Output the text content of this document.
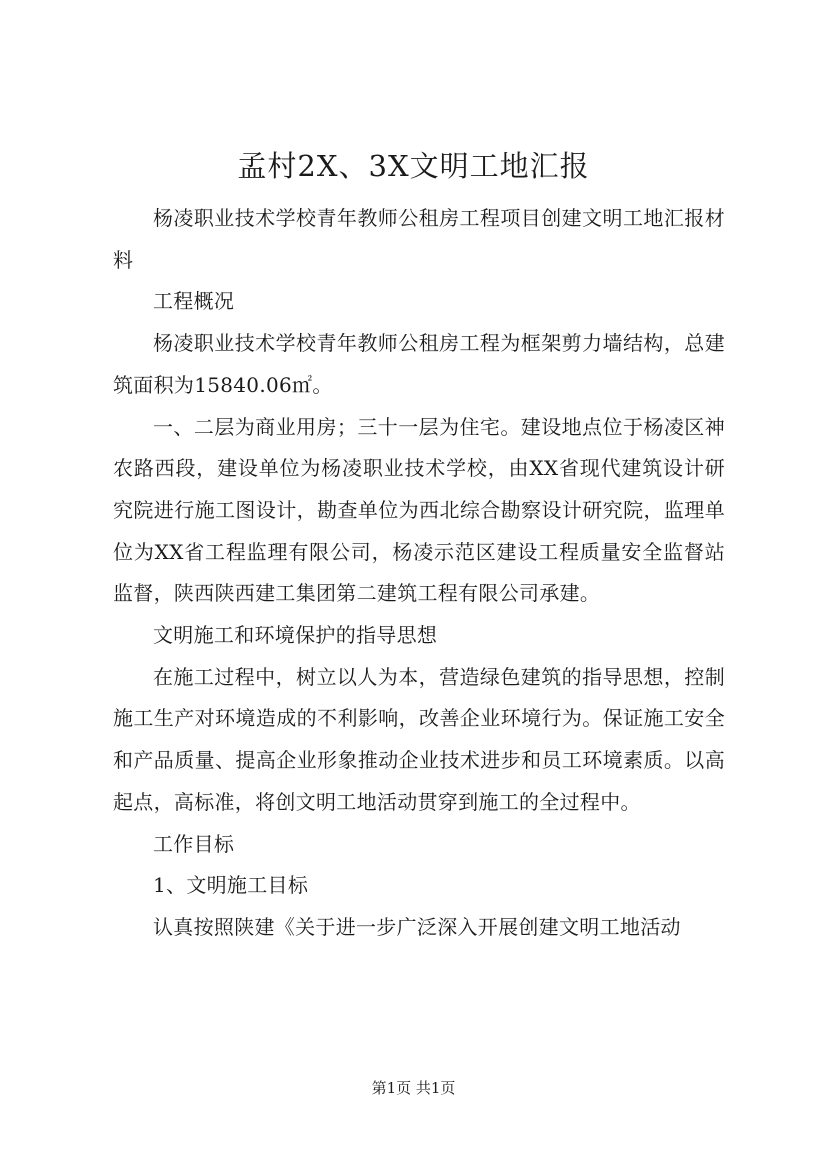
孟村2X、3X文明工地汇报

杨凌职业技术学校青年教师公租房工程项目创建文明工地汇报材料

工程概况

杨凌职业技术学校青年教师公租房工程为框架剪力墙结构，总建筑面积为15840.06㎡。

一、二层为商业用房；三十一层为住宅。建设地点位于杨凌区神农路西段，建设单位为杨凌职业技术学校，由XX省现代建筑设计研究院进行施工图设计，勘查单位为西北综合勘察设计研究院，监理单位为XX省工程监理有限公司，杨凌示范区建设工程质量安全监督站监督，陕西陕西建工集团第二建筑工程有限公司承建。

文明施工和环境保护的指导思想

在施工过程中，树立以人为本，营造绿色建筑的指导思想，控制施工生产对环境造成的不利影响，改善企业环境行为。保证施工安全和产品质量、提高企业形象推动企业技术进步和员工环境素质。以高起点，高标准，将创文明工地活动贯穿到施工的全过程中。

工作目标

1、文明施工目标

认真按照陕建《关于进一步广泛深入开展创建文明工地活动

第1页 共1页
